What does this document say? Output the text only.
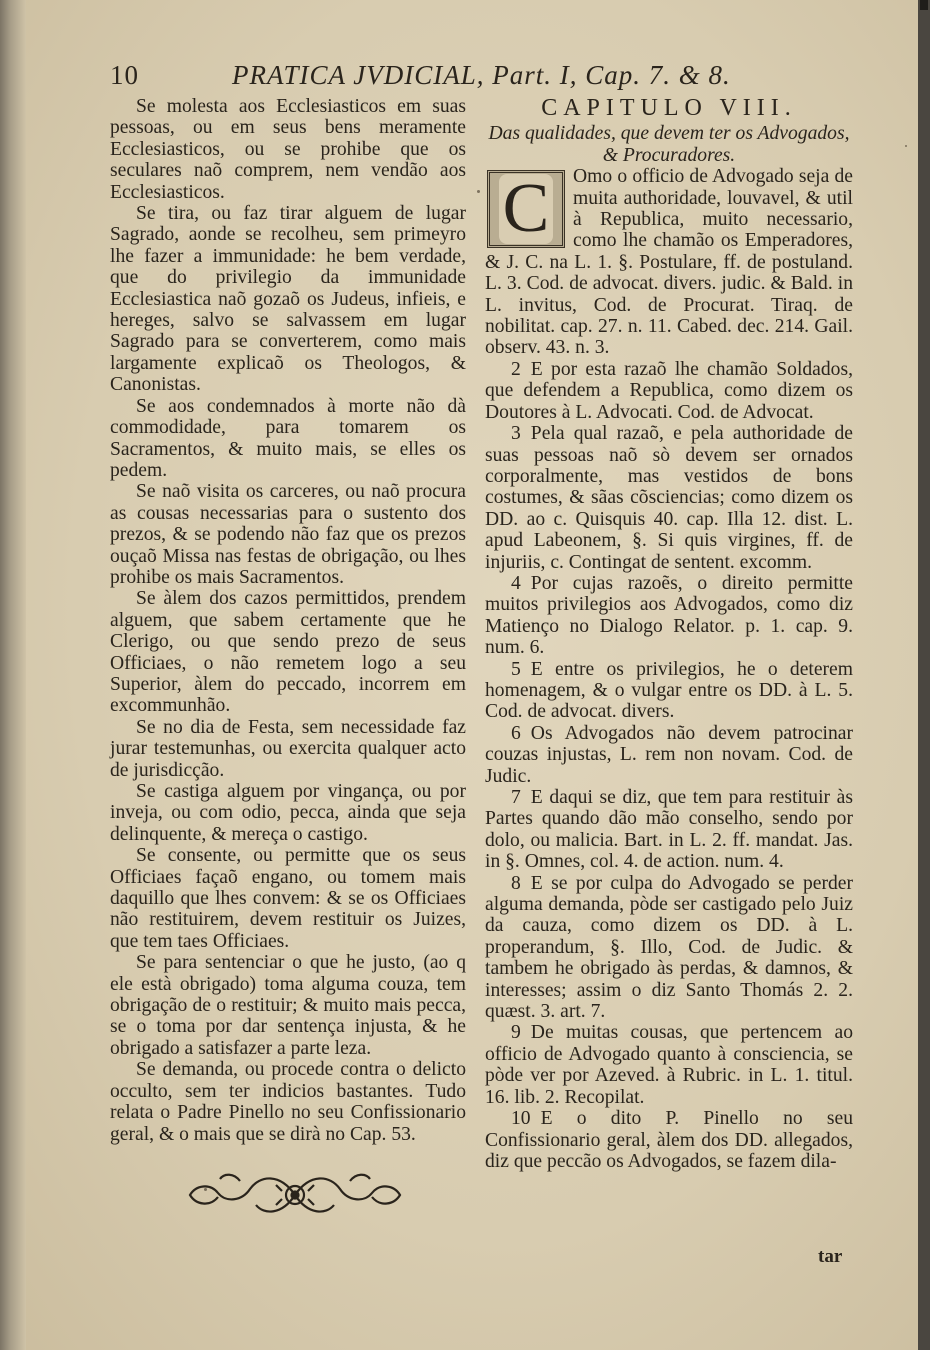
10	PRATICA JVDICIAL, Part. I, Cap. 7. & 8.

Se molesta aos Ecclesiasticos em suas pessoas, ou em seus bens meramente Ecclesiasticos, ou se prohibe que os seculares naõ comprem, nem vendão aos Ecclesiasticos.

Se tira, ou faz tirar alguem de lugar Sagrado, aonde se recolheu, sem primeyro lhe fazer a immunidade: he bem verdade, que do privilegio da immunidade Ecclesiastica naõ gozaõ os Judeus, infieis, e hereges, salvo se salvassem em lugar Sagrado para se converterem, como mais largamente explicaõ os Theologos, & Canonistas.

Se aos condemnados à morte não dà commodidade, para tomarem os Sacramentos, & muito mais, se elles os pedem.

Se naõ visita os carceres, ou naõ procura as cousas necessarias para o sustento dos prezos, & se podendo não faz que os prezos ouçaõ Missa nas festas de obrigação, ou lhes prohibe os mais Sacramentos.

Se àlem dos cazos permittidos, prendem alguem, que sabem certamente que he Clerigo, ou que sendo prezo de seus Officiaes, o não remetem logo a seu Superior, àlem do peccado, incorrem em excommunhão.

Se no dia de Festa, sem necessidade faz jurar testemunhas, ou exercita qualquer acto de jurisdicção.

Se castiga alguem por vingança, ou por inveja, ou com odio, pecca, ainda que seja delinquente, & mereça o castigo.

Se consente, ou permitte que os seus Officiaes façaõ engano, ou tomem mais daquillo que lhes convem: & se os Officiaes não restituirem, devem restituir os Juizes, que tem taes Officiaes.

Se para sentenciar o que he justo, (ao q ele està obrigado) toma alguma couza, tem obrigação de o restituir; & muito mais pecca, se o toma por dar sentença injusta, & he obrigado a satisfazer a parte leza.

Se demanda, ou procede contra o delicto occulto, sem ter indicios bastantes. Tudo relata o Padre Pinello no seu Confissionario geral, & o mais que se dirà no Cap. 53.

CAPITULO VIII.

Das qualidades, que devem ter os Advogados, & Procuradores.

C Omo o officio de Advogado seja de muita authoridade, louvavel, & util à Republica, muito necessario, como lhe chamão os Emperadores, & J. C. na L. 1. §. Postulare, ff. de postuland. L. 3. Cod. de advocat. divers. judic. & Bald. in L. invitus, Cod. de Procurat. Tiraq. de nobilitat. cap. 27. n. 11. Cabed. dec. 214. Gail. observ. 43. n. 3.

2 E por esta razaõ lhe chamão Soldados, que defendem a Republica, como dizem os Doutores à L. Advocati. Cod. de Advocat.

3 Pela qual razaõ, e pela authoridade de suas pessoas naõ sò devem ser ornados corporalmente, mas vestidos de bons costumes, & sãas cõsciencias; como dizem os DD. ao c. Quisquis 40. cap. Illa 12. dist. L. apud Labeonem, §. Si quis virgines, ff. de injuriis, c. Contingat de sentent. excomm.

4 Por cujas razoẽs, o direito permitte muitos privilegios aos Advogados, como diz Matienço no Dialogo Relator. p. 1. cap. 9. num. 6.

5 E entre os privilegios, he o deterem homenagem, & o vulgar entre os DD. à L. 5. Cod. de advocat. divers.

6 Os Advogados não devem patrocinar couzas injustas, L. rem non novam. Cod. de Judic.

7 E daqui se diz, que tem para restituir às Partes quando dão mão conselho, sendo por dolo, ou malicia. Bart. in L. 2. ff. mandat. Jas. in §. Omnes, col. 4. de action. num. 4.

8 E se por culpa do Advogado se perder alguma demanda, pòde ser castigado pelo Juiz da cauza, como dizem os DD. à L. properandum, §. Illo, Cod. de Judic. & tambem he obrigado às perdas, & damnos, & interesses; assim o diz Santo Thomás 2. 2. quæst. 3. art. 7.

9 De muitas cousas, que pertencem ao officio de Advogado quanto à consciencia, se pòde ver por Azeved. à Rubric. in L. 1. titul. 16. lib. 2. Recopilat.

10 E o dito P. Pinello no seu Confissionario geral, àlem dos DD. allegados, diz que peccão os Advogados, se fazem dila-

tar
